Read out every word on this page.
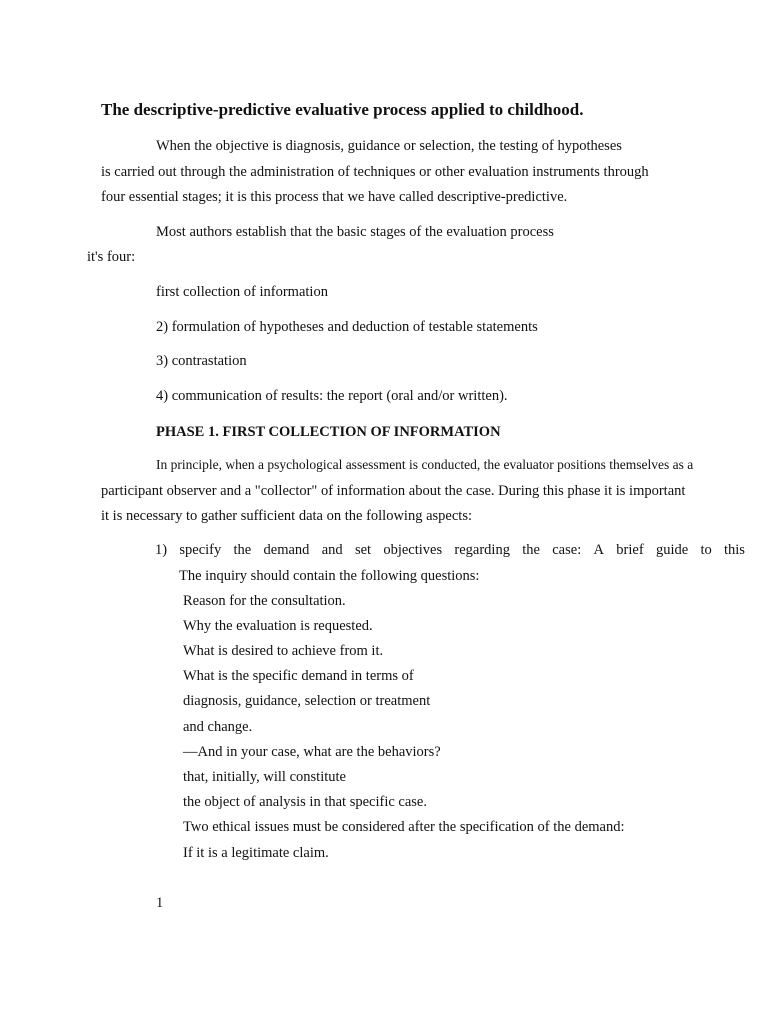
The descriptive-predictive evaluative process applied to childhood.
When the objective is diagnosis, guidance or selection, the testing of hypotheses
is carried out through the administration of techniques or other evaluation instruments through
four essential stages; it is this process that we have called descriptive-predictive.
Most authors establish that the basic stages of the evaluation process
it's four:
first collection of information
2) formulation of hypotheses and deduction of testable statements
3) contrastation
4) communication of results: the report (oral and/or written).
PHASE 1. FIRST COLLECTION OF INFORMATION
In principle, when a psychological assessment is conducted, the evaluator positions themselves as a
participant observer and a "collector" of information about the case. During this phase it is important
it is necessary to gather sufficient data on the following aspects:
1) specify the demand and set objectives regarding the case: A brief guide to this
The inquiry should contain the following questions:
Reason for the consultation.
Why the evaluation is requested.
What is desired to achieve from it.
What is the specific demand in terms of
diagnosis, guidance, selection or treatment
and change.
—And in your case, what are the behaviors?
that, initially, will constitute
the object of analysis in that specific case.
Two ethical issues must be considered after the specification of the demand:
If it is a legitimate claim.
1
